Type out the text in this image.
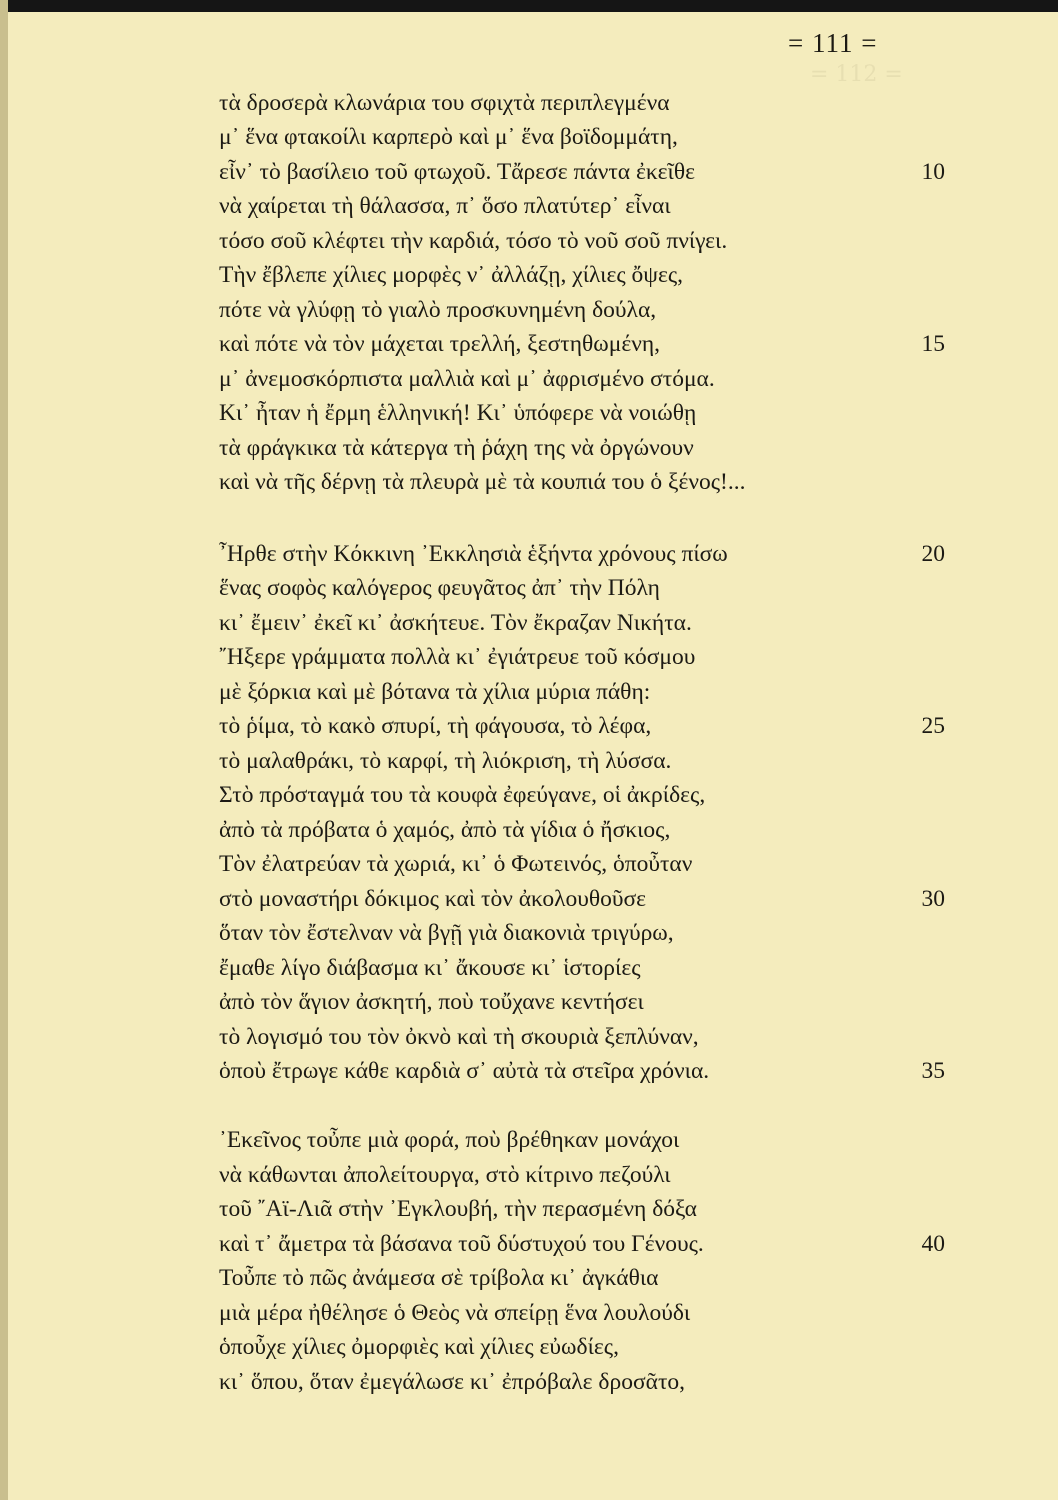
= 112 =
= 111 =
τὰ δροσερὰ κλωνάρια του σφιχτὰ περιπλεγμένα
μ᾽ ἕνα φτακοίλι καρπερὸ καὶ μ᾽ ἕνα βοϊδομμάτη,
εἶν᾽ τὸ βασίλειο τοῦ φτωχοῦ. Τἄρεσε πάντα ἐκεῖθε	10
νὰ χαίρεται τὴ θάλασσα, π᾽ ὅσο πλατύτερ᾽ εἶναι
τόσο σοῦ κλέφτει τὴν καρδιά, τόσο τὸ νοῦ σοῦ πνίγει.
Τὴν ἔβλεπε χίλιες μορφὲς ν᾽ ἀλλάζῃ, χίλιες ὄψες,
πότε νὰ γλύφῃ τὸ γιαλὸ προσκυνημένη δούλα,
καὶ πότε νὰ τὸν μάχεται τρελλή, ξεστηθωμένη,	15
μ᾽ ἀνεμοσκόρπιστα μαλλιὰ καὶ μ᾽ ἀφρισμένο στόμα.
Κι᾽ ἦταν ἡ ἔρμη ἑλληνική! Κι᾽ ὑπόφερε νὰ νοιώθῃ
τὰ φράγκικα τὰ κάτεργα τὴ ῥάχη της νὰ ὀργώνουν
καὶ νὰ τῆς δέρνῃ τὰ πλευρὰ μὲ τὰ κουπιά του ὁ ξένος!...
῏Ηρθε στὴν Κόκκινη ᾽Εκκλησιὰ ἑξήντα χρόνους πίσω	20
ἕνας σοφὸς καλόγερος φευγᾶτος ἀπ᾽ τὴν Πόλη
κι᾽ ἔμειν᾽ ἐκεῖ κι᾽ ἀσκήτευε. Τὸν ἔκραζαν Νικήτα.
῎Ηξερε γράμματα πολλὰ κι᾽ ἐγιάτρευε τοῦ κόσμου
μὲ ξόρκια καὶ μὲ βότανα τὰ χίλια μύρια πάθη:
τὸ ῥίμα, τὸ κακὸ σπυρί, τὴ φάγουσα, τὸ λέφα,	25
τὸ μαλαθράκι, τὸ καρφί, τὴ λιόκριση, τὴ λύσσα.
Στὸ πρόσταγμά του τὰ κουφὰ ἐφεύγανε, οἱ ἀκρίδες,
ἀπὸ τὰ πρόβατα ὁ χαμός, ἀπὸ τὰ γίδια ὁ ἤσκιος,
Τὸν ἐλατρεύαν τὰ χωριά, κι᾽ ὁ Φωτεινός, ὁποὖταν
στὸ μοναστήρι δόκιμος καὶ τὸν ἀκολουθοῦσε	30
ὅταν τὸν ἔστελναν νὰ βγῇ γιὰ διακονιὰ τριγύρω,
ἔμαθε λίγο διάβασμα κι᾽ ἄκουσε κι᾽ ἱστορίες
ἀπὸ τὸν ἅγιον ἀσκητή, ποὺ τοὔχανε κεντήσει
τὸ λογισμό του τὸν ὀκνὸ καὶ τὴ σκουριὰ ξεπλύναν,
ὁποὺ ἔτρωγε κάθε καρδιὰ σ᾽ αὐτὰ τὰ στεῖρα χρόνια.	35
᾽Εκεῖνος τοὖπε μιὰ φορά, ποὺ βρέθηκαν μονάχοι
νὰ κάθωνται ἀπολείτουργα, στὸ κίτρινο πεζούλι
τοῦ ῎Αϊ-Λιᾶ στὴν ᾽Εγκλουβή, τὴν περασμένη δόξα
καὶ τ᾽ ἄμετρα τὰ βάσανα τοῦ δύστυχού του Γένους.	40
Τοὖπε τὸ πῶς ἀνάμεσα σὲ τρίβολα κι᾽ ἀγκάθια
μιὰ μέρα ἠθέλησε ὁ Θεὸς νὰ σπείρῃ ἕνα λουλούδι
ὁποὖχε χίλιες ὀμορφιὲς καὶ χίλιες εὐωδίες,
κι᾽ ὅπου, ὅταν ἐμεγάλωσε κι᾽ ἐπρόβαλε δροσᾶτο,
